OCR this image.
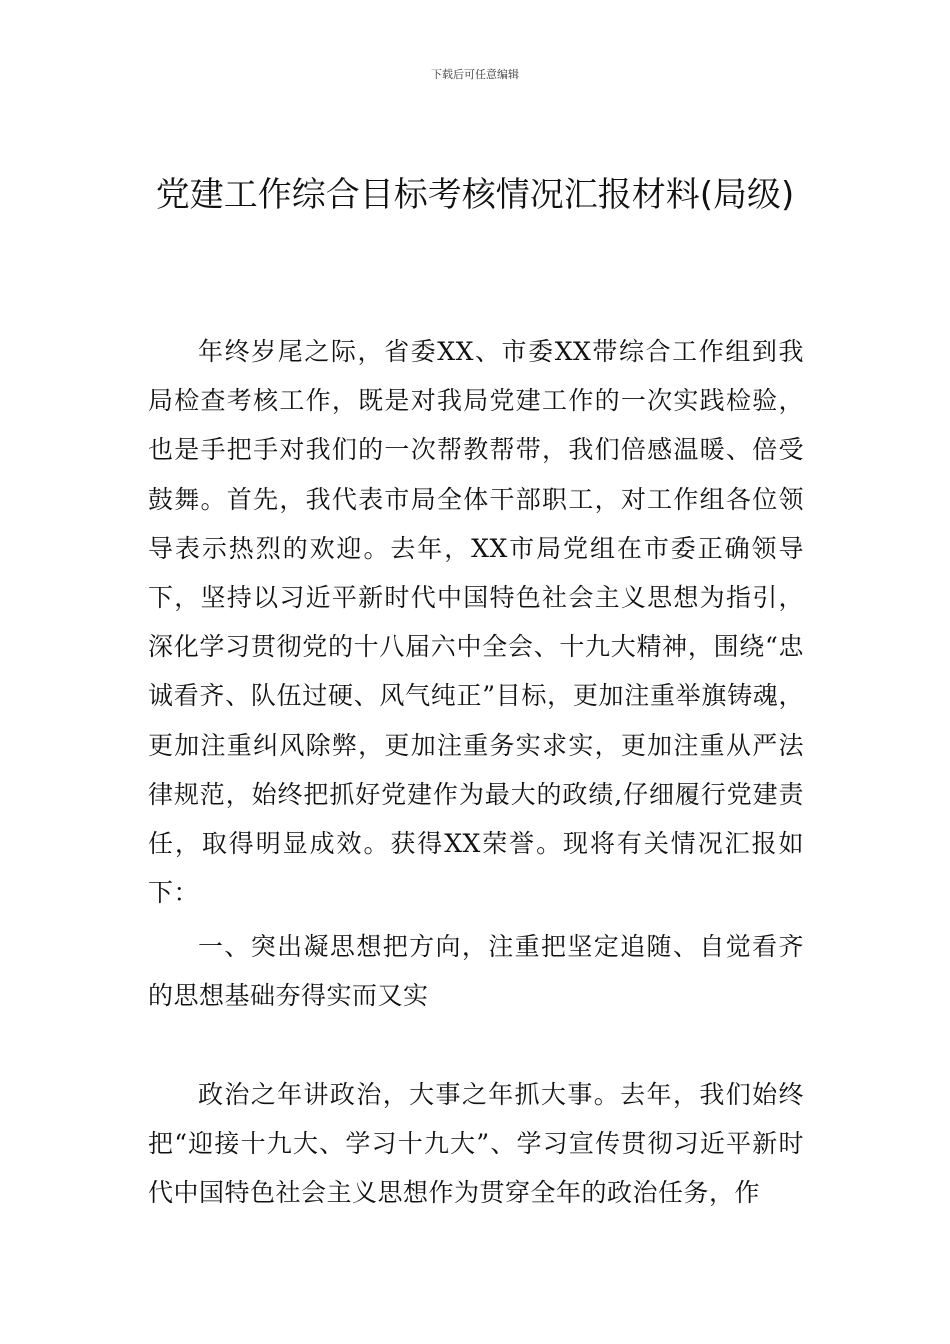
下载后可任意编辑
党建工作综合目标考核情况汇报材料(局级)

年终岁尾之际，省委XX、市委XX带综合工作组到我局检查考核工作，既是对我局党建工作的一次实践检验，也是手把手对我们的一次帮教帮带，我们倍感温暖、倍受鼓舞。首先，我代表市局全体干部职工，对工作组各位领导表示热烈的欢迎。去年，XX市局党组在市委正确领导下，坚持以习近平新时代中国特色社会主义思想为指引，深化学习贯彻党的十八届六中全会、十九大精神，围绕“忠诚看齐、队伍过硬、风气纯正”目标，更加注重举旗铸魂，更加注重纠风除弊，更加注重务实求实，更加注重从严法律规范，始终把抓好党建作为最大的政绩,仔细履行党建责任，取得明显成效。获得XX荣誉。现将有关情况汇报如下：

一、突出凝思想把方向，注重把坚定追随、自觉看齐的思想基础夯得实而又实

政治之年讲政治，大事之年抓大事。去年，我们始终把“迎接十九大、学习十九大”、学习宣传贯彻习近平新时代中国特色社会主义思想作为贯穿全年的政治任务，作
